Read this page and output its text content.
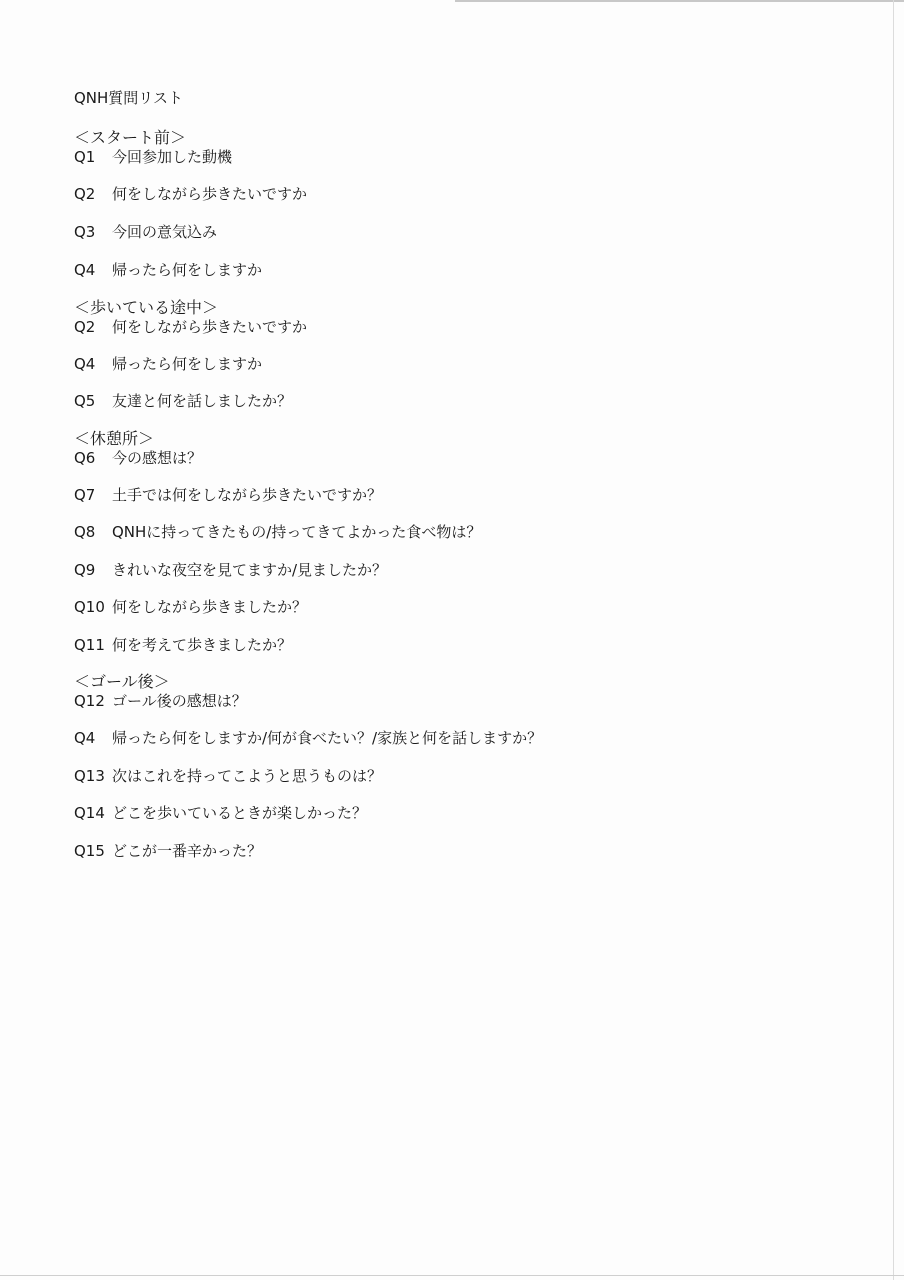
QNH質問リスト
＜スタート前＞
Q1 今回参加した動機
Q2 何をしながら歩きたいですか
Q3 今回の意気込み
Q4 帰ったら何をしますか
＜歩いている途中＞
Q2 何をしながら歩きたいですか
Q4 帰ったら何をしますか
Q5 友達と何を話しましたか？
＜休憩所＞
Q6 今の感想は？
Q7 土手では何をしながら歩きたいですか？
Q8 QNHに持ってきたもの/持ってきてよかった食べ物は？
Q9 きれいな夜空を見てますか/見ましたか？
Q10 何をしながら歩きましたか？
Q11 何を考えて歩きましたか？
＜ゴール後＞
Q12 ゴール後の感想は？
Q4 帰ったら何をしますか/何が食べたい？/家族と何を話しますか？
Q13 次はこれを持ってこようと思うものは？
Q14 どこを歩いているときが楽しかった？
Q15 どこが一番辛かった？
